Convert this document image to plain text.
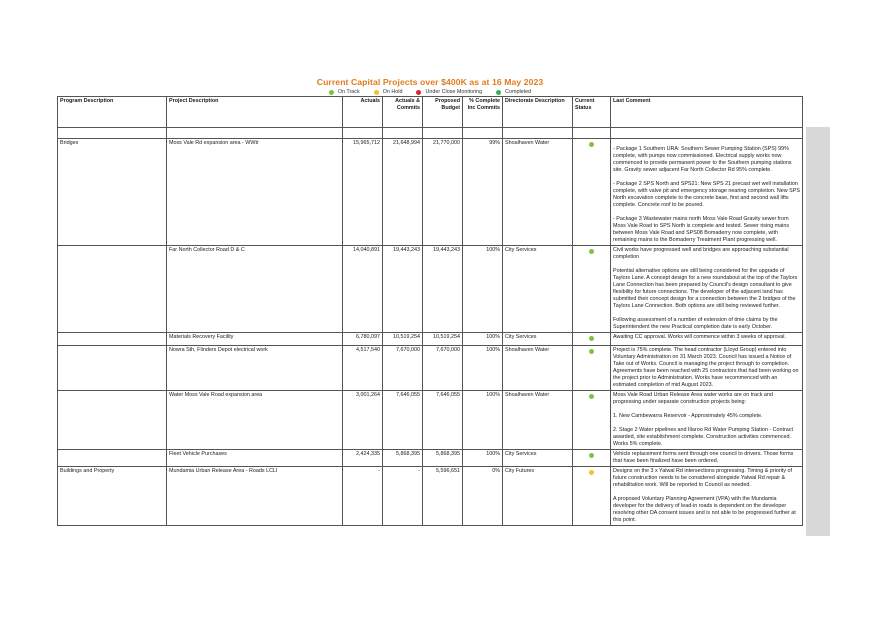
Current Capital Projects over $400K as at 16 May 2023
On Track	On Hold	Under Close Monitoring	Completed
Program Description	Project Description	Actuals	Actuals & Commits	Proposed Budget	% Complete Inc Commits	Directorate Description	Current Status	Last Comment

Bridges	Moss Vale Rd expansion area - WWtr	15,965,712	21,648,994	21,770,000	99%	Shoalhaven Water		- Package 1 Southern URA: Southern Sewer Pumping Station (SPS) 99% complete, with pumps now commissioned. Electrical supply works now commenced to provide permanent power to the Southern pumping stations site. Gravity sewer adjacent Far North Collector Rd 95% complete.
- Package 2 SPS North and SPS21: New SPS 21 precast wet well installation complete, with valve pit and emergency storage nearing completion. New SPS North excavation complete to the concrete base, first and second wall lifts complete. Concrete roof to be poured.
- Package 3 Wastewater mains north Moss Vale Road Gravity sewer from Moss Vale Road to SPS North is complete and tested. Sewer rising mains between Moss Vale Road and SPS08 Bomaderry now complete, with remaining mains to the Bomaderry Treatment Plant progressing well.

	Far North Collector Road D & C	14,040,891	19,443,243	19,443,243	100%	City Services		Civil works have progressed well and bridges are approaching substantial completion
Potential alternative options are still being considered for the upgrade of Taylors Lane. A concept design for a new roundabout at the top of the Taylors Lane Connection has been prepared by Council's design consultant to give flexibility for future connections. The developer of the adjacent land has submitted their concept design for a connection between the 2 bridges of the Taylors Lane Connection. Both options are still being reviewed further.
Following assessment of a number of extension of time claims by the Superintendent the new Practical completion date is early October.

	Materials Recovery Facility	6,780,097	10,519,254	10,519,254	100%	City Services		Awaiting CC approval. Works will commence within 3 weeks of approval.

	Nowra Sth, Flinders Depot electrical work	4,517,540	7,670,000	7,670,000	100%	Shoalhaven Water		Project is 75% complete. The head contractor (Lloyd Group) entered into Voluntary Administration on 31 March 2023. Council has issued a Notice of Take out of Works. Council is managing the project through to completion. Agreements have been reached with 25 contractors that had been working on the project prior to Administration. Works have recommenced with an estimated completion of mid August 2023.

	Water Moss Vale Road expansion area	3,001,264	7,646,055	7,646,055	100%	Shoalhaven Water		Moss Vale Road Urban Release Area water works are on track and progressing under separate construction projects being:
1. New Cambewarra Reservoir - Approximately 45% complete.
2. Stage 2 Water pipelines and Illaroo Rd Water Pumping Station - Contract awarded, site establishment complete. Construction activities commenced. Works 5% complete.

	Fleet Vehicle Purchases	2,424,335	5,868,395	5,868,395	100%	City Services		Vehicle replacement forms sent through one council to drivers. Those forms that have been finalized have been ordered.

Buildings and Property	Mundamia Urban Release Area - Roads LCLI	-	-	5,596,651	0%	City Futures		Designs on the 3 x Yalwal Rd intersections progressing. Timing & priority of future construction needs to be considered alongside Yalwal Rd repair & rehabilitation work. Will be reported to Council as needed.
A proposed Voluntary Planning Agreement (VPA) with the Mundamia developer for the delivery of lead-in roads is dependent on the developer resolving other DA consent issues and is not able to be progressed further at this point.
